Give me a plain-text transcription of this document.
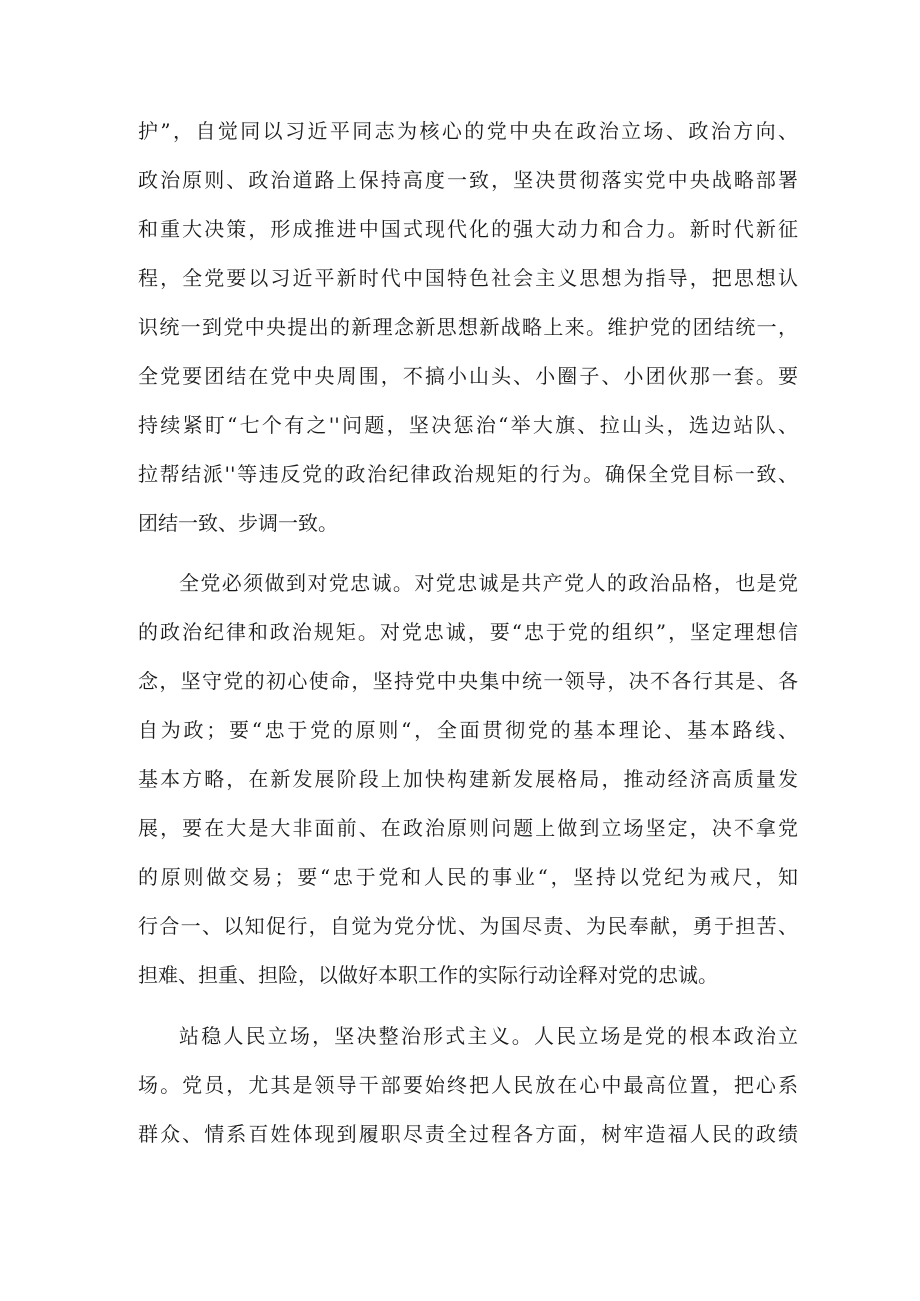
护”，自觉同以习近平同志为核心的党中央在政治立场、政治方向、
政治原则、政治道路上保持高度一致，坚决贯彻落实党中央战略部署
和重大决策，形成推进中国式现代化的强大动力和合力。新时代新征
程，全党要以习近平新时代中国特色社会主义思想为指导，把思想认
识统一到党中央提出的新理念新思想新战略上来。维护党的团结统一，
全党要团结在党中央周围，不搞小山头、小圈子、小团伙那一套。要
持续紧盯“七个有之''问题，坚决惩治“举大旗、拉山头，选边站队、
拉帮结派''等违反党的政治纪律政治规矩的行为。确保全党目标一致、
团结一致、步调一致。
全党必须做到对党忠诚。对党忠诚是共产党人的政治品格，也是党
的政治纪律和政治规矩。对党忠诚，要“忠于党的组织”，坚定理想信
念，坚守党的初心使命，坚持党中央集中统一领导，决不各行其是、各
自为政；要“忠于党的原则“，全面贯彻党的基本理论、基本路线、
基本方略，在新发展阶段上加快构建新发展格局，推动经济高质量发
展，要在大是大非面前、在政治原则问题上做到立场坚定，决不拿党
的原则做交易；要“忠于党和人民的事业“，坚持以党纪为戒尺，知
行合一、以知促行，自觉为党分忧、为国尽责、为民奉献，勇于担苦、
担难、担重、担险，以做好本职工作的实际行动诠释对党的忠诚。
站稳人民立场，坚决整治形式主义。人民立场是党的根本政治立
场。党员，尤其是领导干部要始终把人民放在心中最高位置，把心系
群众、情系百姓体现到履职尽责全过程各方面，树牢造福人民的政绩
